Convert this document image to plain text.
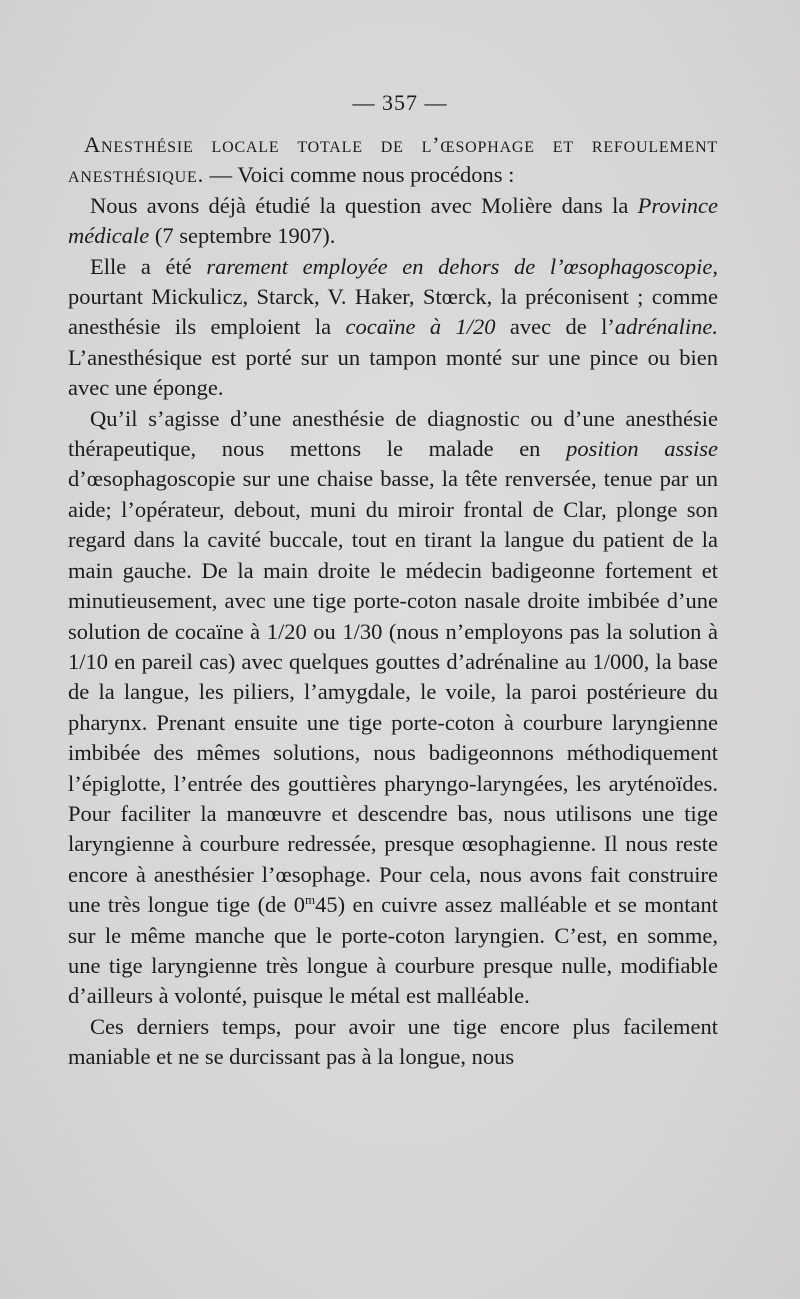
— 357 —

Anesthésie locale totale de l’œsophage et refoulement anesthésique. — Voici comme nous procédons :

Nous avons déjà étudié la question avec Molière dans la Province médicale (7 septembre 1907).

Elle a été rarement employée en dehors de l’œsophagoscopie, pourtant Mickulicz, Starck, V. Haker, Stœrck, la préconisent ; comme anesthésie ils emploient la cocaïne à 1/20 avec de l’adrénaline. L’anesthésique est porté sur un tampon monté sur une pince ou bien avec une éponge.

Qu’il s’agisse d’une anesthésie de diagnostic ou d’une anesthésie thérapeutique, nous mettons le malade en position assise d’œsophagoscopie sur une chaise basse, la tête renversée, tenue par un aide; l’opérateur, debout, muni du miroir frontal de Clar, plonge son regard dans la cavité buccale, tout en tirant la langue du patient de la main gauche. De la main droite le médecin badigeonne fortement et minutieusement, avec une tige porte-coton nasale droite imbibée d’une solution de cocaïne à 1/20 ou 1/30 (nous n’employons pas la solution à 1/10 en pareil cas) avec quelques gouttes d’adrénaline au 1/000, la base de la langue, les piliers, l’amygdale, le voile, la paroi postérieure du pharynx. Prenant ensuite une tige porte-coton à courbure laryngienne imbibée des mêmes solutions, nous badigeonnons méthodiquement l’épiglotte, l’entrée des gouttières pharyngo-laryngées, les aryténoïdes. Pour faciliter la manœuvre et descendre bas, nous utilisons une tige laryngienne à courbure redressée, presque œsophagienne. Il nous reste encore à anesthésier l’œsophage. Pour cela, nous avons fait construire une très longue tige (de 0$^m$45) en cuivre assez malléable et se montant sur le même manche que le porte-coton laryngien. C’est, en somme, une tige laryngienne très longue à courbure presque nulle, modifiable d’ailleurs à volonté, puisque le métal est malléable.

Ces derniers temps, pour avoir une tige encore plus facilement maniable et ne se durcissant pas à la longue, nous
